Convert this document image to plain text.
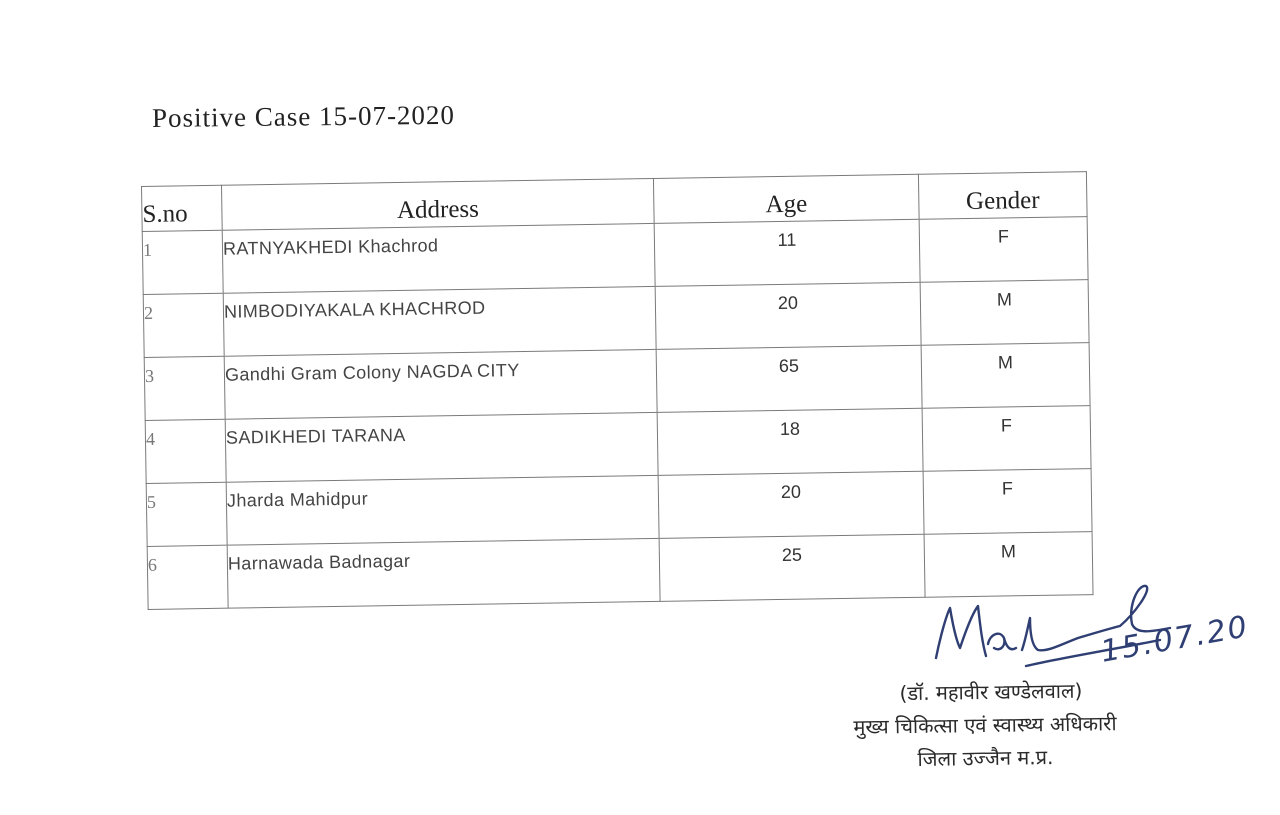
Positive Case 15-07-2020
S.no	Address	Age	Gender
1	RATNYAKHEDI Khachrod	11	F
2	NIMBODIYAKALA KHACHROD	20	M
3	Gandhi Gram Colony NAGDA CITY	65	M
4	SADIKHEDI TARANA	18	F
5	Jharda Mahidpur	20	F
6	Harnawada Badnagar	25	M
15.07.20
(डॉ. महावीर खण्डेलवाल)
मुख्य चिकित्सा एवं स्वास्थ्य अधिकारी
जिला उज्जैन म.प्र.
